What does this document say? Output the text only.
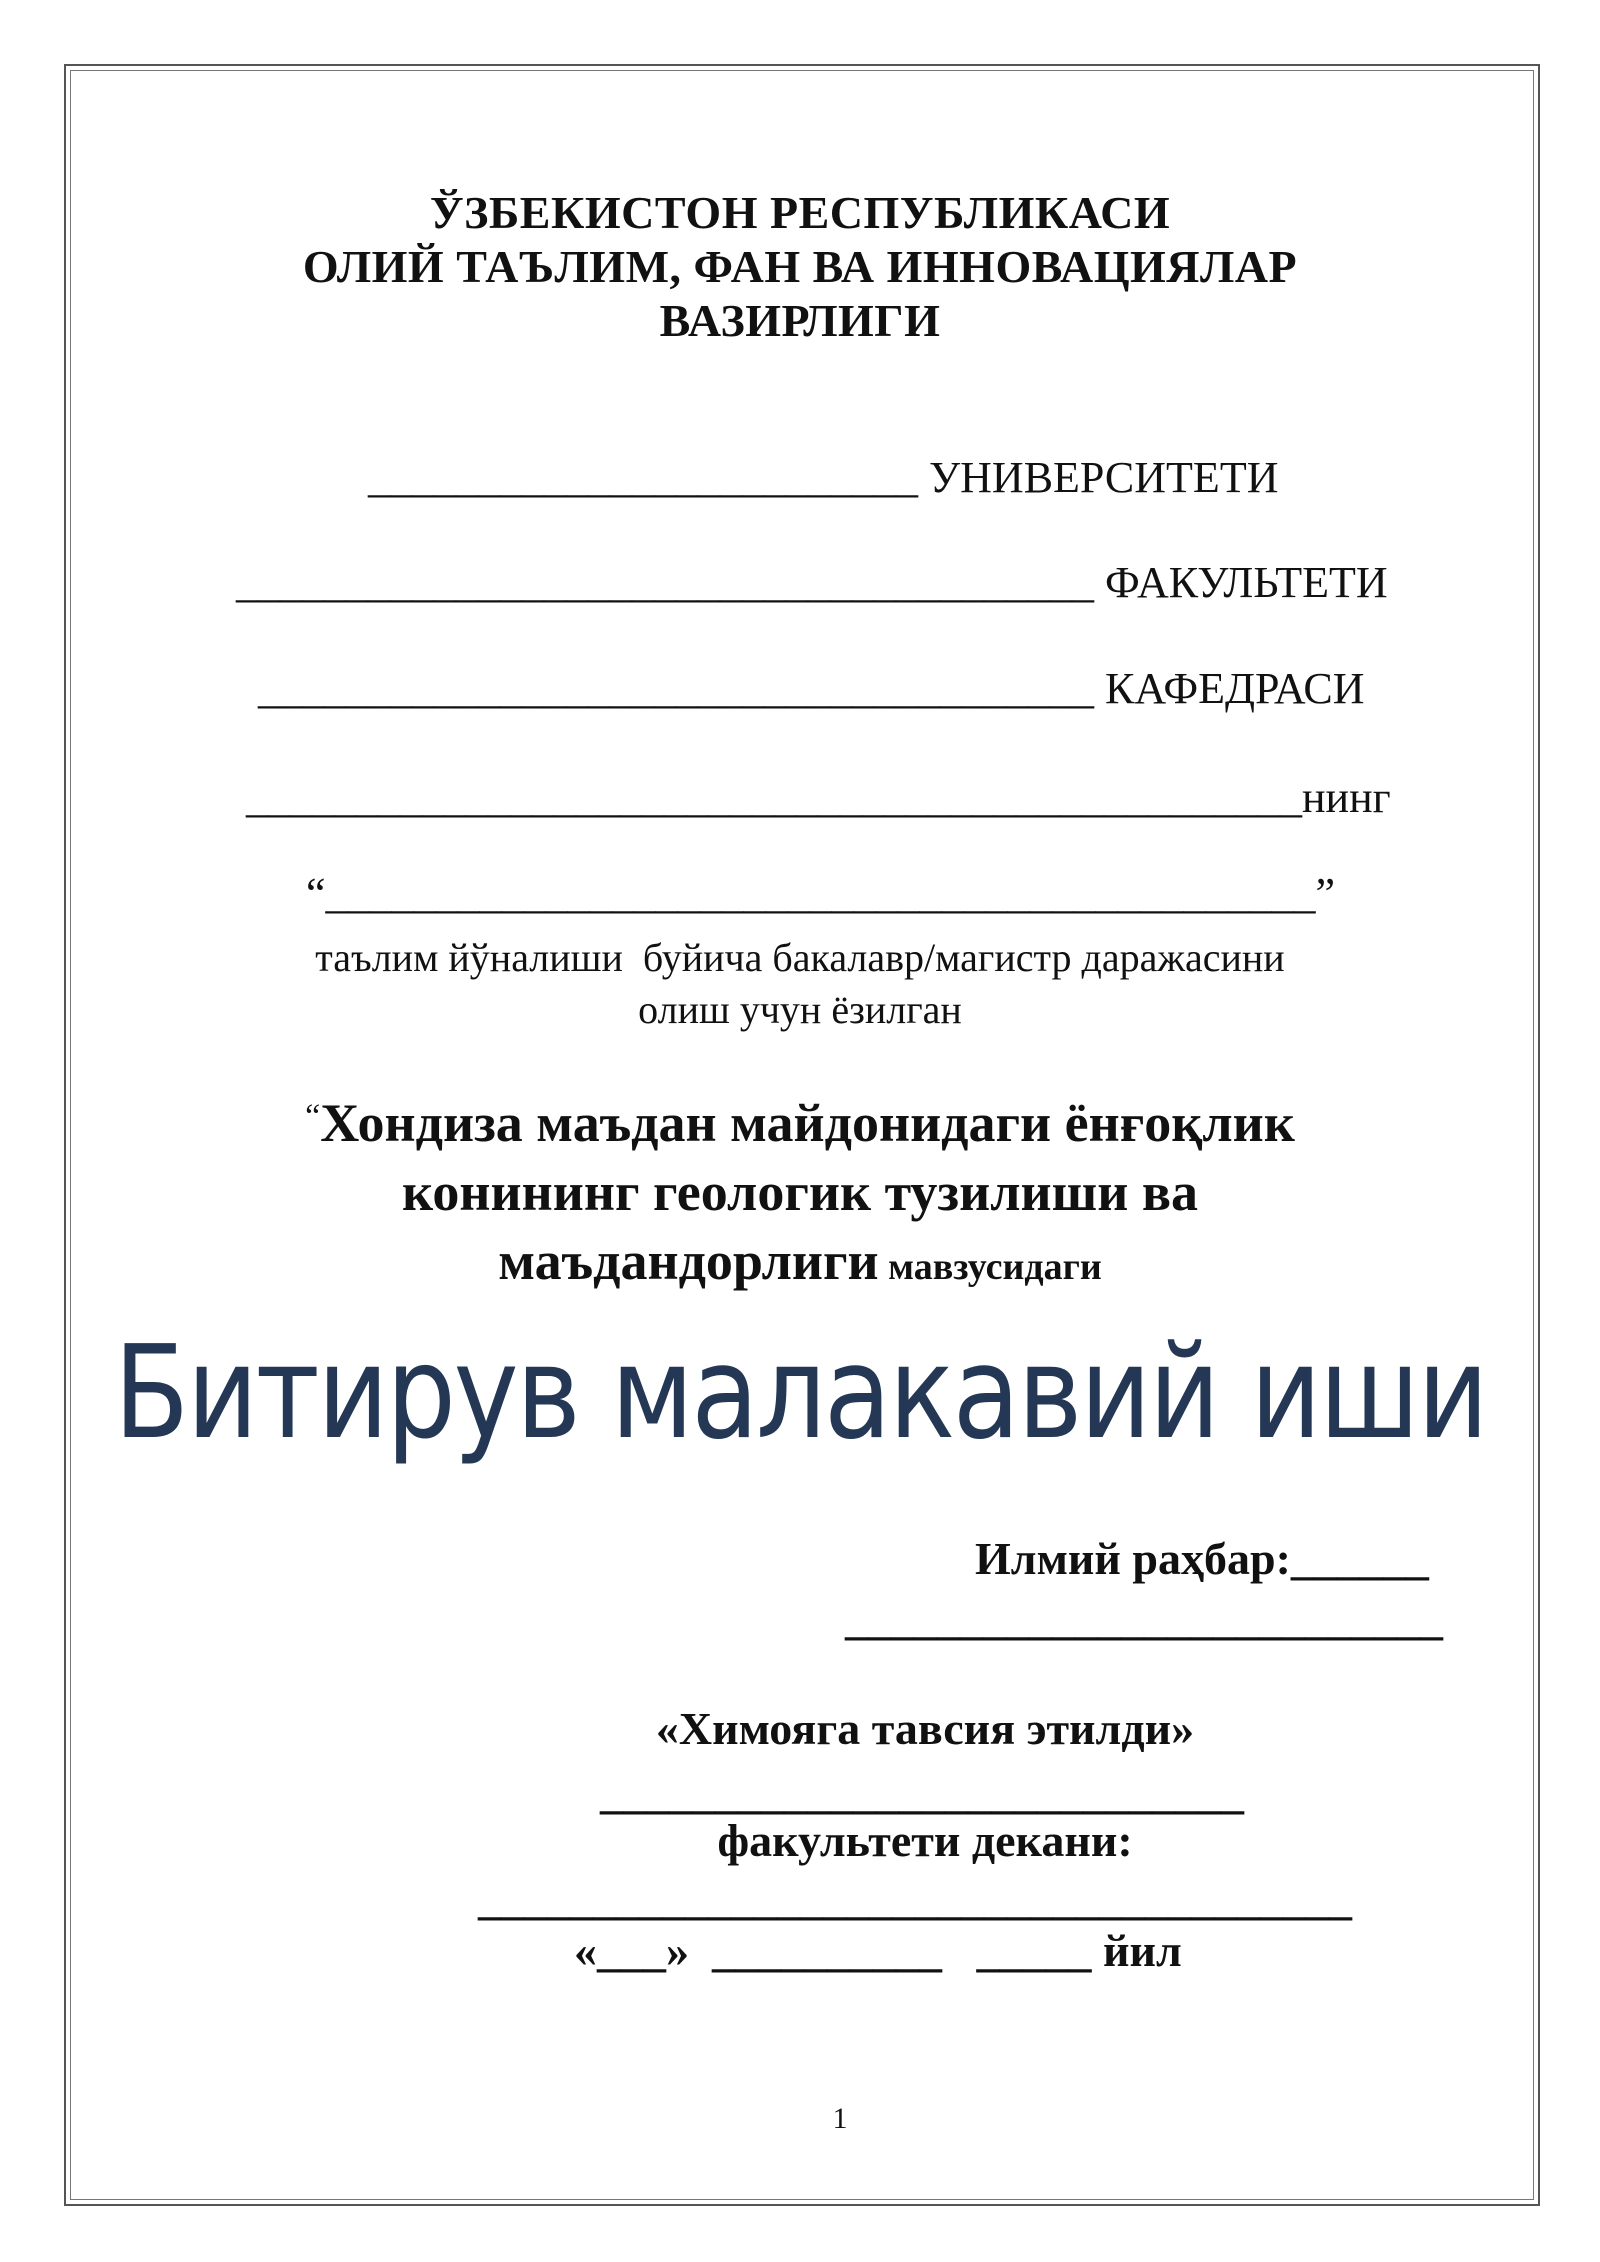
ЎЗБЕКИСТОН РЕСПУБЛИКАСИ
ОЛИЙ ТАЪЛИМ, ФАН ВА ИННОВАЦИЯЛАР
ВАЗИРЛИГИ
_________________________ УНИВЕРСИТЕТИ
_______________________________________ ФАКУЛЬТЕТИ
______________________________________ КАФЕДРАСИ
________________________________________________нинг
“_____________________________________________”
таълим йўналиши  буйича бакалавр/магистр даражасини
олиш учун ёзилган
“Хондиза маъдан майдонидаги ёнғоқлик
конининг геологик тузилиши ва
маъдандорлиги мавзусидаги
Битирув малакавий иши
Илмий раҳбар:______
__________________________
«Химояга тавсия этилди»
____________________________
факультети декани:
______________________________________
«___»  __________   _____ йил
1
